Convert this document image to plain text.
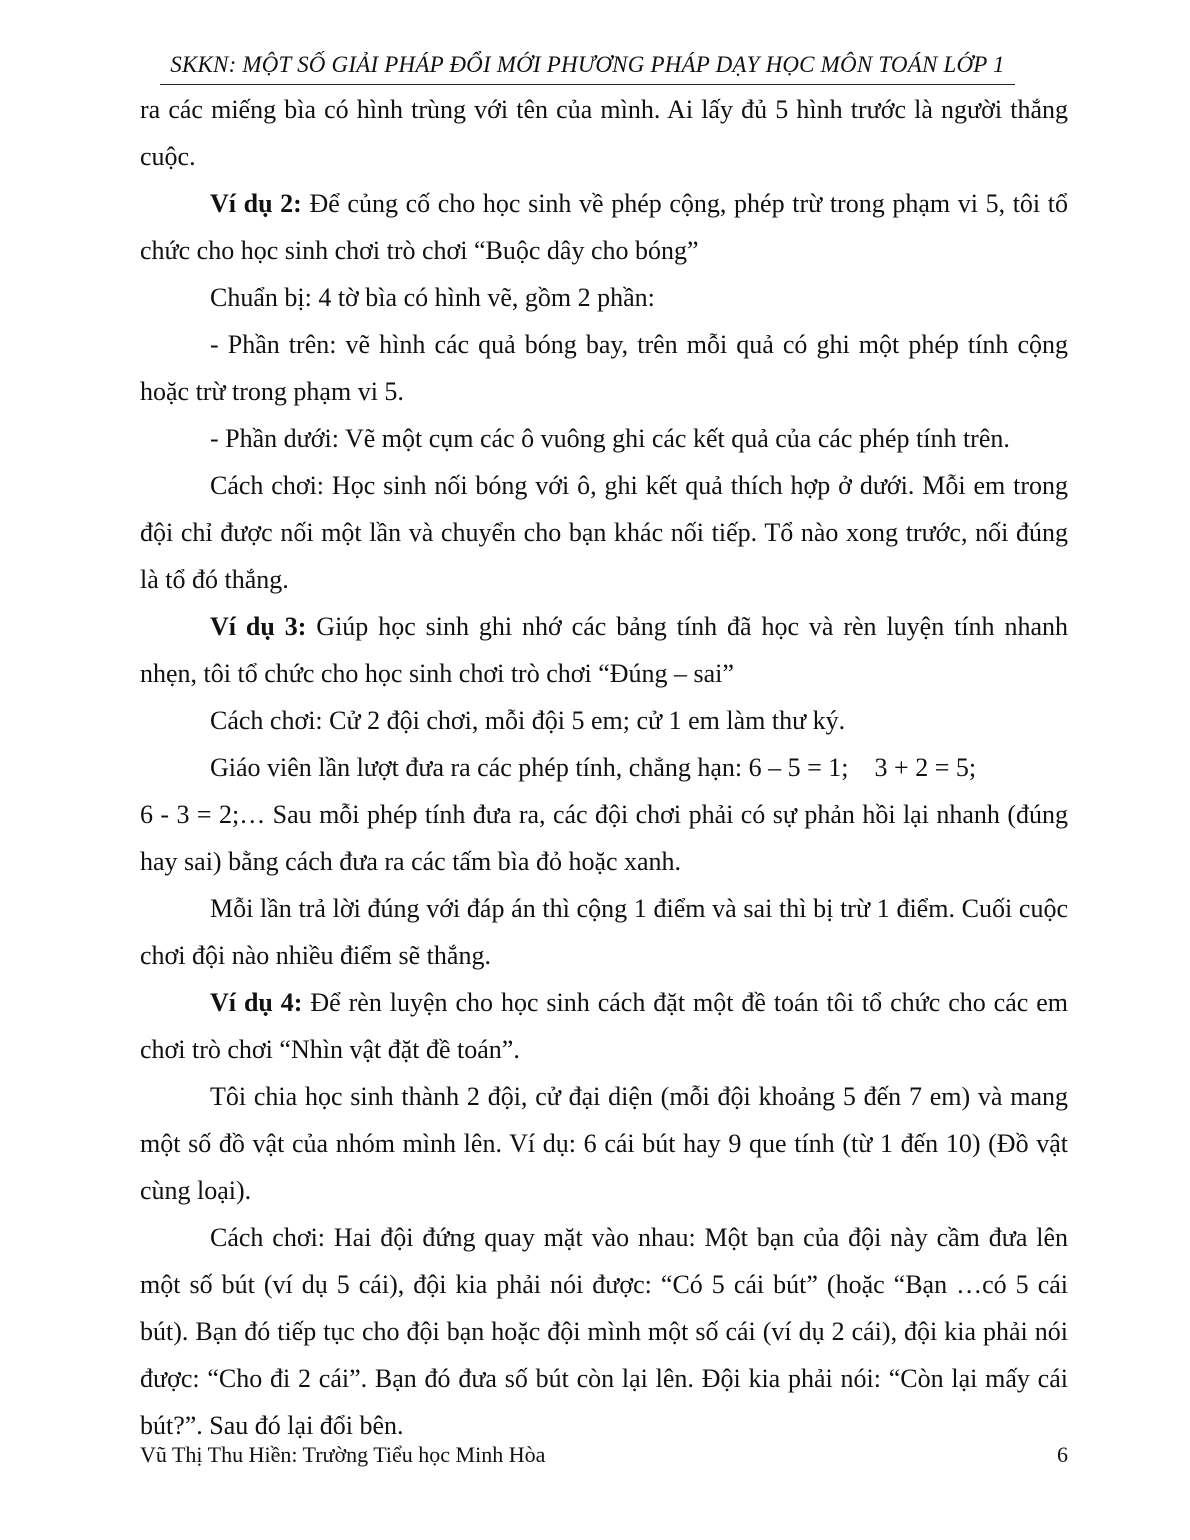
SKKN: MỘT SỐ GIẢI PHÁP ĐỔI MỚI PHƯƠNG PHÁP DẠY HỌC MÔN TOÁN LỚP 1

ra các miếng bìa có hình trùng với tên của mình. Ai lấy đủ 5 hình trước là người thắng cuộc.

Ví dụ 2: Để củng cố cho học sinh về phép cộng, phép trừ trong phạm vi 5, tôi tổ chức cho học sinh chơi trò chơi “Buộc dây cho bóng”

Chuẩn bị: 4 tờ bìa có hình vẽ, gồm 2 phần:

- Phần trên: vẽ hình các quả bóng bay, trên mỗi quả có ghi một phép tính cộng hoặc trừ trong phạm vi 5.

- Phần dưới: Vẽ một cụm các ô vuông ghi các kết quả của các phép tính trên.

Cách chơi: Học sinh nối bóng với ô, ghi kết quả thích hợp ở dưới. Mỗi em trong đội chỉ được nối một lần và chuyển cho bạn khác nối tiếp. Tổ nào xong trước, nối đúng là tổ đó thắng.

Ví dụ 3: Giúp học sinh ghi nhớ các bảng tính đã học và rèn luyện tính nhanh nhẹn, tôi tổ chức cho học sinh chơi trò chơi “Đúng – sai”

Cách chơi: Cử 2 đội chơi, mỗi đội 5 em; cử 1 em làm thư ký.

Giáo viên lần lượt đưa ra các phép tính, chẳng hạn: 6 – 5 = 1; 3 + 2 = 5;
6 - 3 = 2;… Sau mỗi phép tính đưa ra, các đội chơi phải có sự phản hồi lại nhanh (đúng hay sai) bằng cách đưa ra các tấm bìa đỏ hoặc xanh.

Mỗi lần trả lời đúng với đáp án thì cộng 1 điểm và sai thì bị trừ 1 điểm. Cuối cuộc chơi đội nào nhiều điểm sẽ thắng.

Ví dụ 4: Để rèn luyện cho học sinh cách đặt một đề toán tôi tổ chức cho các em chơi trò chơi “Nhìn vật đặt đề toán”.

Tôi chia học sinh thành 2 đội, cử đại diện (mỗi đội khoảng 5 đến 7 em) và mang một số đồ vật của nhóm mình lên. Ví dụ: 6 cái bút hay 9 que tính (từ 1 đến 10) (Đồ vật cùng loại).

Cách chơi: Hai đội đứng quay mặt vào nhau: Một bạn của đội này cầm đưa lên một số bút (ví dụ 5 cái), đội kia phải nói được: “Có 5 cái bút” (hoặc “Bạn …có 5 cái bút). Bạn đó tiếp tục cho đội bạn hoặc đội mình một số cái (ví dụ 2 cái), đội kia phải nói được: “Cho đi 2 cái”. Bạn đó đưa số bút còn lại lên. Đội kia phải nói: “Còn lại mấy cái bút?”. Sau đó lại đổi bên.

Vũ Thị Thu Hiền: Trường Tiểu học Minh Hòa	6
